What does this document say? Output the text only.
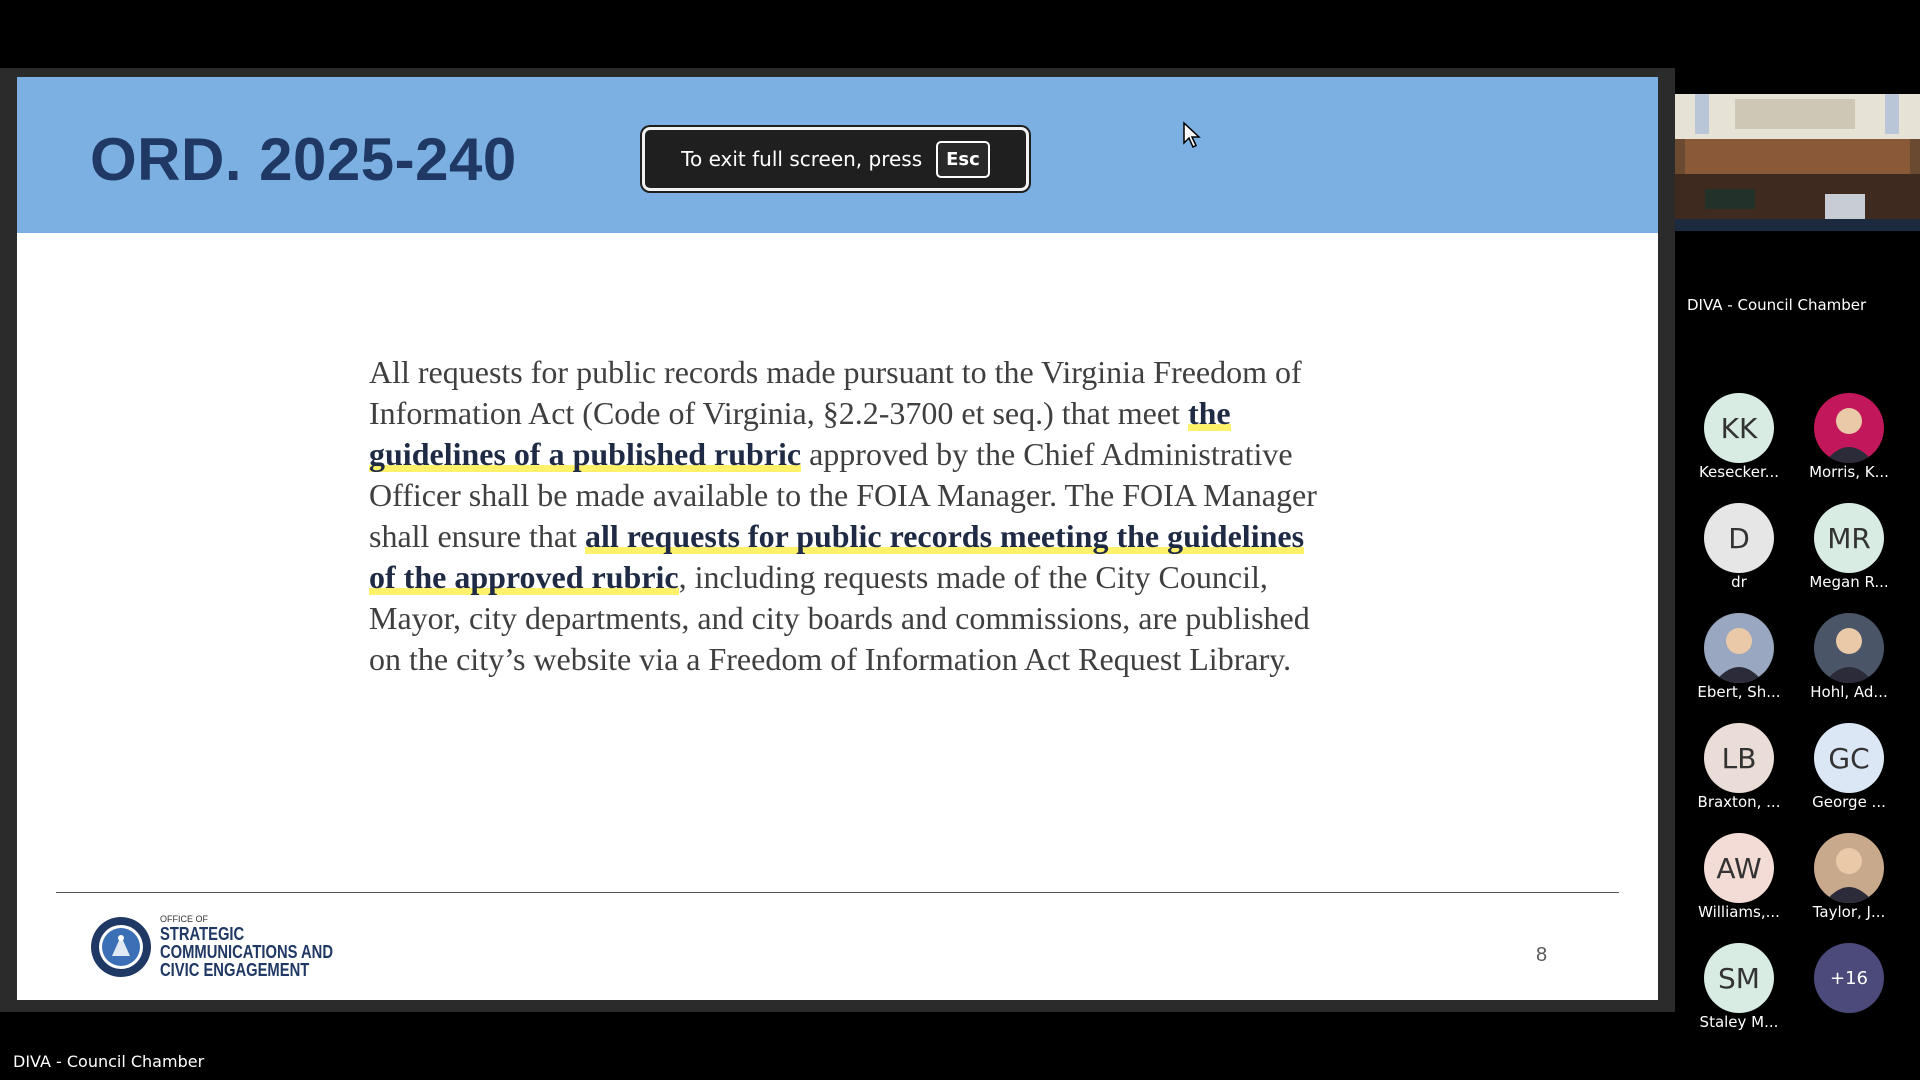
ORD. 2025-240

All requests for public records made pursuant to the Virginia Freedom of Information Act (Code of Virginia, §2.2-3700 et seq.) that meet the guidelines of a published rubric approved by the Chief Administrative Officer shall be made available to the FOIA Manager. The FOIA Manager shall ensure that all requests for public records meeting the guidelines of the approved rubric, including requests made of the City Council, Mayor, city departments, and city boards and commissions, are published on the city’s website via a Freedom of Information Act Request Library.

OFFICE OF
STRATEGIC
COMMUNICATIONS AND
CIVIC ENGAGEMENT
8
To exit full screen, press	Esc
DIVA - Council Chamber
KK
Kesecker...	Morris, K...
D
dr
MR
Megan R...
Ebert, Sh...	Hohl, Ad...
LB
Braxton, ...
GC
George ...
AW
Williams,...	Taylor, J...
SM
Staley M...
+16
DIVA - Council Chamber
